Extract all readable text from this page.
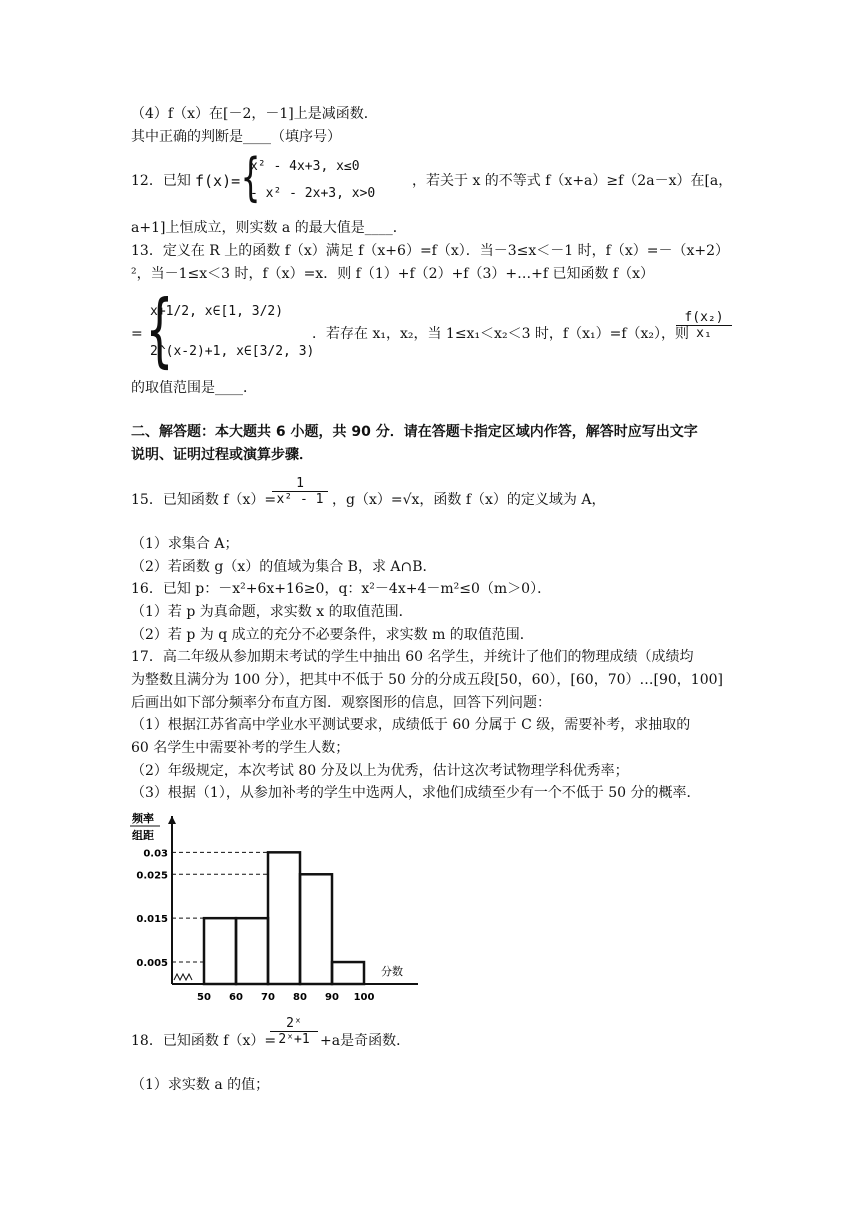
（4）f（x）在[－2，－1]上是减函数．
其中正确的判断是____（填序号）
12．已知 f(x)= {
x² - 4x+3, x≤0
- x² - 2x+3, x>0
，若关于 x 的不等式 f（x+a）≥f（2a－x）在[a，
a+1]上恒成立，则实数 a 的最大值是____．
13．定义在 R 上的函数 f（x）满足 f（x+6）=f（x）．当－3≤x＜－1 时，f（x）=－（x+2）
²，当－1≤x＜3 时，f（x）=x．则 f（1）+f（2）+f（3）+…+f 已知函数 f（x）
= {
x+1/2, x∈[1, 3/2)
2^(x-2)+1, x∈[3/2, 3)
．若存在 x₁，x₂，当 1≤x₁＜x₂＜3 时，f（x₁）=f（x₂），则
$\frac{\text{f(x₂)}}{\text{x₁}}$
的取值范围是____．
二、解答题：本大题共 6 小题，共 90 分．请在答题卡指定区域内作答，解答时应写出文字
说明、证明过程或演算步骤．
15．已知函数 f（x）=
$\frac{1}{\text{x² - 1}}$ ，g（x）=√x，函数 f（x）的定义域为 A，
（1）求集合 A；
（2）若函数 g（x）的值域为集合 B，求 A∩B．
16．已知 p：－x²+6x+16≥0，q：x²－4x+4－m²≤0（m＞0）．
（1）若 p 为真命题，求实数 x 的取值范围．
（2）若 p 为 q 成立的充分不必要条件，求实数 m 的取值范围．
17．高二年级从参加期末考试的学生中抽出 60 名学生，并统计了他们的物理成绩（成绩均
为整数且满分为 100 分），把其中不低于 50 分的分成五段[50，60），[60，70）…[90，100]
后画出如下部分频率分布直方图．观察图形的信息，回答下列问题：
（1）根据江苏省高中学业水平测试要求，成绩低于 60 分属于 C 级，需要补考，求抽取的
60 名学生中需要补考的学生人数；
（2）年级规定，本次考试 80 分及以上为优秀，估计这次考试物理学科优秀率；
（3）根据（1），从参加补考的学生中选两人，求他们成绩至少有一个不低于 50 分的概率．
频率
组距
分数
0.03
0.025
0.015
0.005
50 60 70 80 90 100
18．已知函数 f（x）=
$\frac{\text{2ˣ}}{\text{2ˣ+1}} +a$是奇函数．
（1）求实数 a 的值；
